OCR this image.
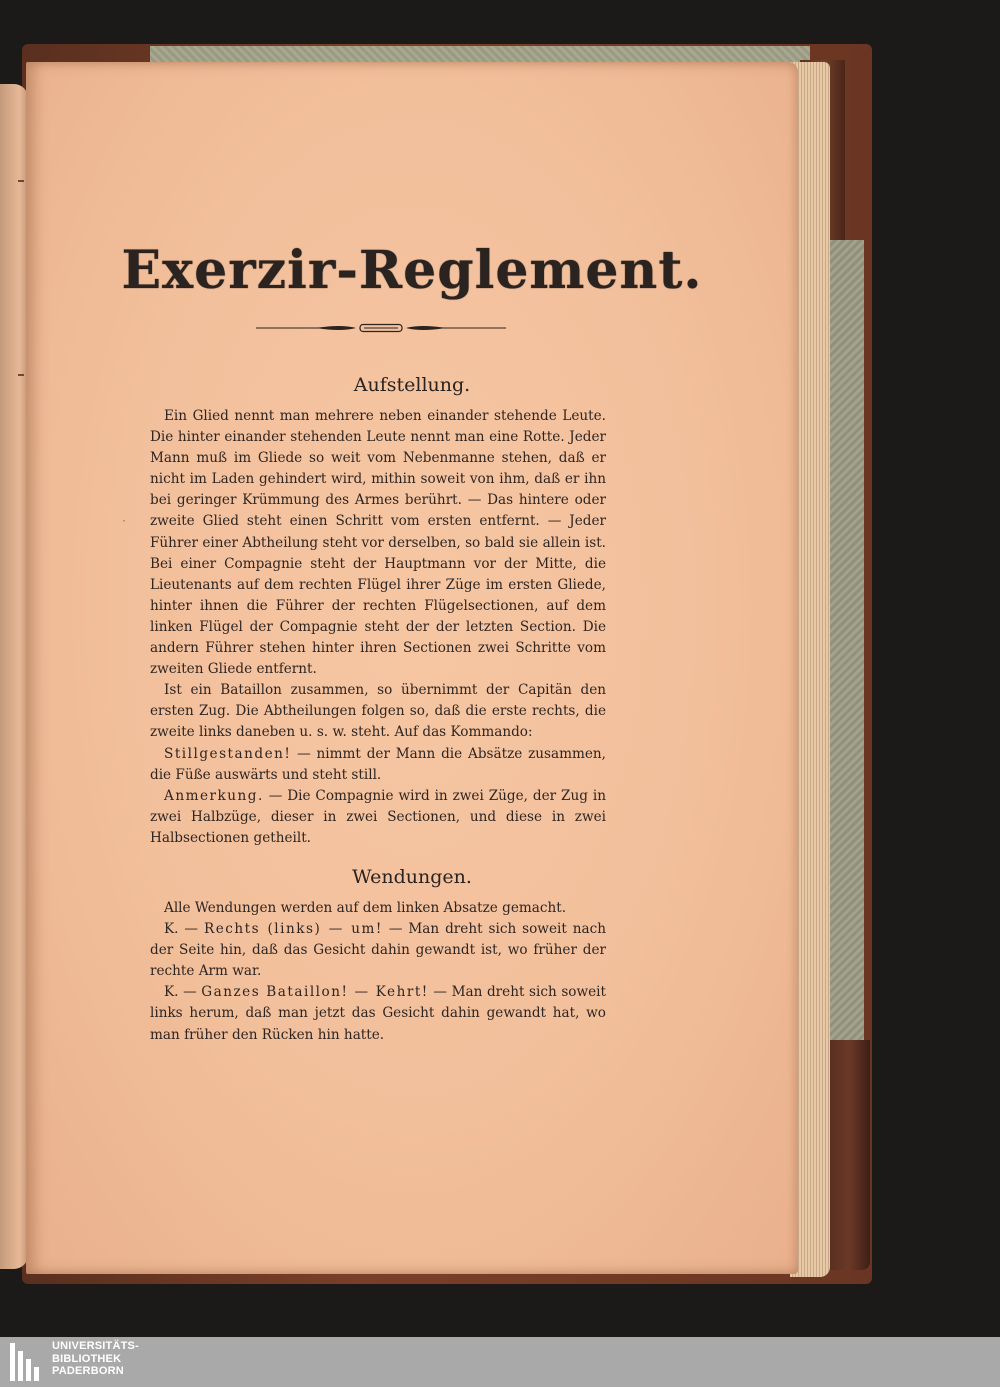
·
Exerzir-Reglement.
Aufstellung.

Ein Glied nennt man mehrere neben einander stehende Leute. Die hinter einander stehenden Leute nennt man eine Rotte. Jeder Mann muß im Gliede so weit vom Nebenmanne stehen, daß er nicht im Laden gehindert wird, mithin soweit von ihm, daß er ihn bei geringer Krümmung des Armes berührt. — Das hintere oder zweite Glied steht einen Schritt vom ersten entfernt. — Jeder Führer einer Abtheilung steht vor derselben, so bald sie allein ist. Bei einer Compagnie steht der Hauptmann vor der Mitte, die Lieutenants auf dem rechten Flügel ihrer Züge im ersten Gliede, hinter ihnen die Führer der rechten Flügelsectionen, auf dem linken Flügel der Compagnie steht der der letzten Section. Die andern Führer stehen hinter ihren Sectionen zwei Schritte vom zweiten Gliede entfernt.

Ist ein Bataillon zusammen, so übernimmt der Capitän den ersten Zug. Die Abtheilungen folgen so, daß die erste rechts, die zweite links daneben u. s. w. steht. Auf das Kommando:

Stillgestanden! — nimmt der Mann die Absätze zusammen, die Füße auswärts und steht still.

Anmerkung. — Die Compagnie wird in zwei Züge, der Zug in zwei Halbzüge, dieser in zwei Sectionen, und diese in zwei Halbsectionen getheilt.

Wendungen.

Alle Wendungen werden auf dem linken Absatze gemacht.

K. — Rechts (links) — um! — Man dreht sich soweit nach der Seite hin, daß das Gesicht dahin gewandt ist, wo früher der rechte Arm war.

K. — Ganzes Bataillon! — Kehrt! — Man dreht sich soweit links herum, daß man jetzt das Gesicht dahin gewandt hat, wo man früher den Rücken hin hatte.

UNIVERSITÄTS-
BIBLIOTHEK
PADERBORN
